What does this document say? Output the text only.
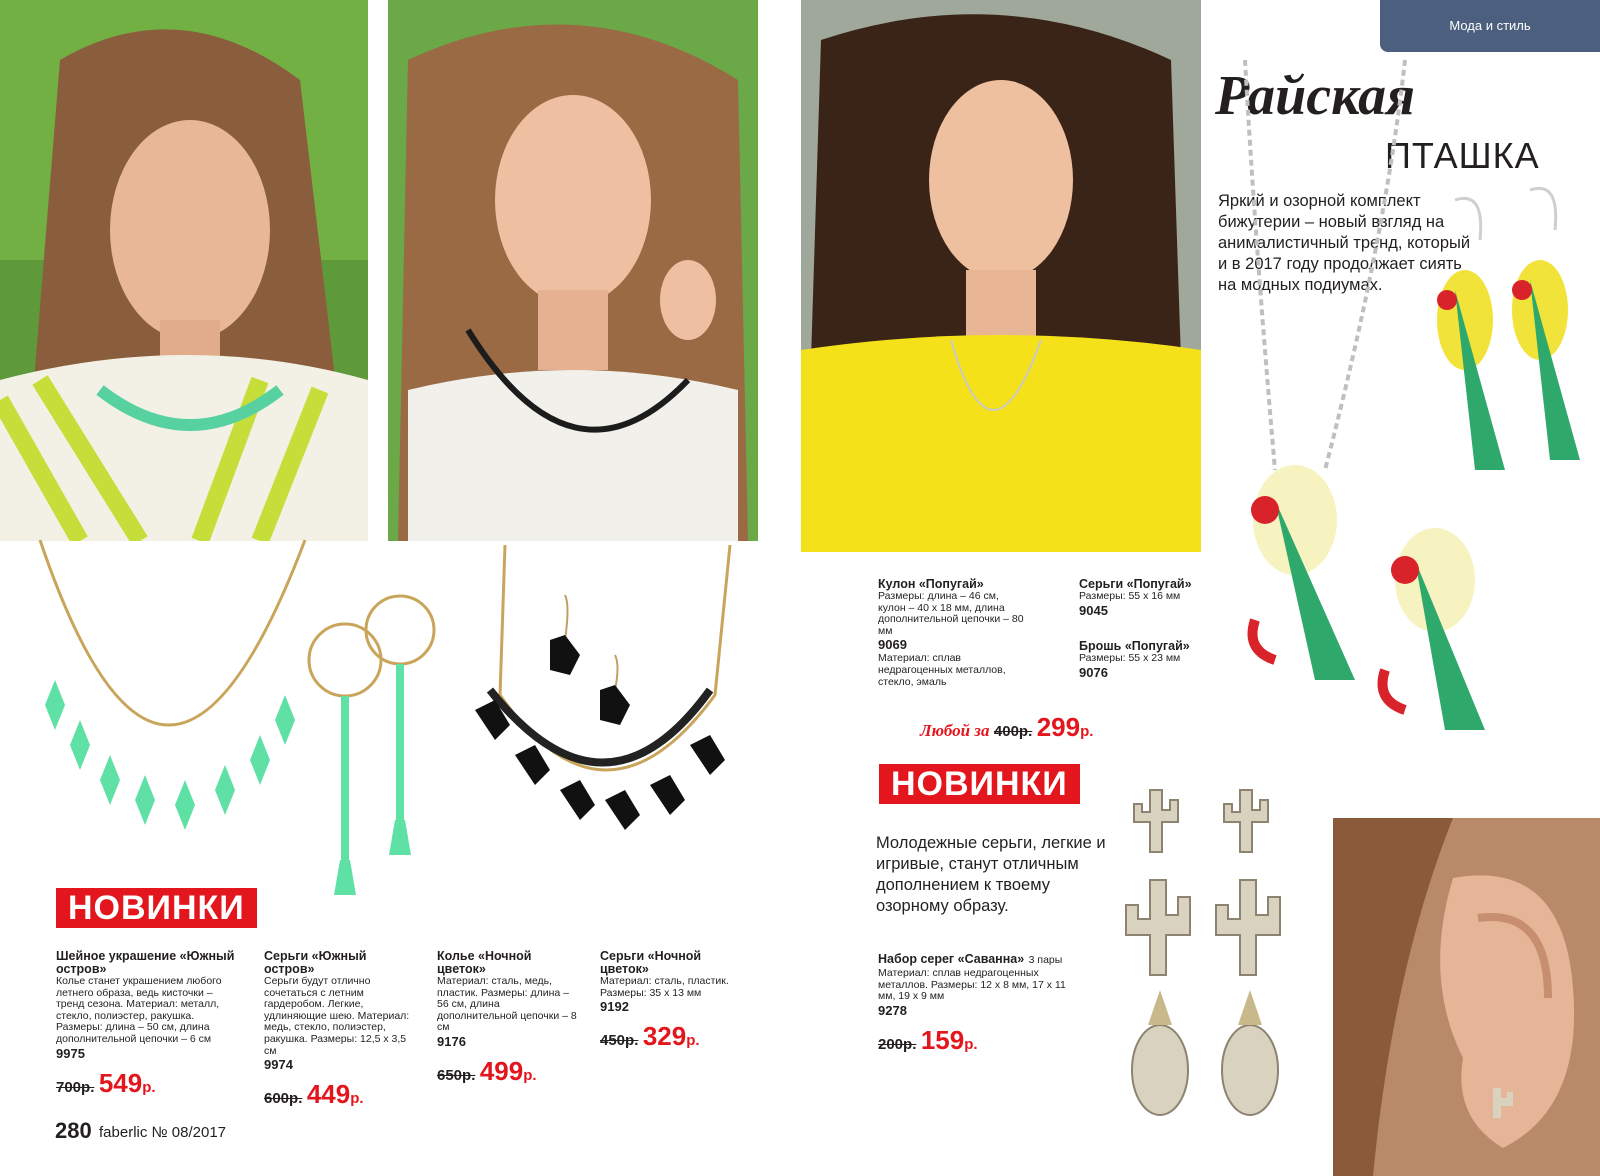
Мода и стиль
Райская
ПТАШКА
Яркий и озорной комплект бижутерии – новый взгляд на анималистичный тренд, который и в 2017 году продолжает сиять на модных подиумах.
НОВИНКИ
НОВИНКИ
Шейное украшение «Южный остров»
Колье станет украшением любого летнего образа, ведь кисточки – тренд сезона. Материал: металл, стекло, полиэстер, ракушка. Размеры: длина – 50 см, длина дополнительной цепочки – 6 см
9975
700р. 549р.
Серьги «Южный остров»
Серьги будут отлично сочетаться с летним гардеробом. Легкие, удлиняющие шею. Материал: медь, стекло, полиэстер, ракушка. Размеры: 12,5 х 3,5 см
9974
600р. 449р.
Колье «Ночной цветок»
Материал: сталь, медь, пластик. Размеры: длина – 56 см, длина дополнительной цепочки – 8 см
9176
650р. 499р.
Серьги «Ночной цветок»
Материал: сталь, пластик. Размеры: 35 х 13 мм
9192
450р. 329р.
Кулон «Попугай»
Размеры: длина – 46 см, кулон – 40 х 18 мм, длина дополнительной цепочки – 80 мм
9069
Материал: сплав недрагоценных металлов, стекло, эмаль
Серьги «Попугай»
Размеры: 55 х 16 мм
9045
Брошь «Попугай»
Размеры: 55 х 23 мм
9076
Любой за 400р. 299р.
Молодежные серьги, легкие и игривые, станут отличным дополнением к твоему озорному образу.
Набор серег «Саванна» 3 пары
Материал: сплав недрагоценных металлов. Размеры: 12 х 8 мм, 17 х 11 мм, 19 х 9 мм
9278
200р. 159р.
280 faberlic № 08/2017
